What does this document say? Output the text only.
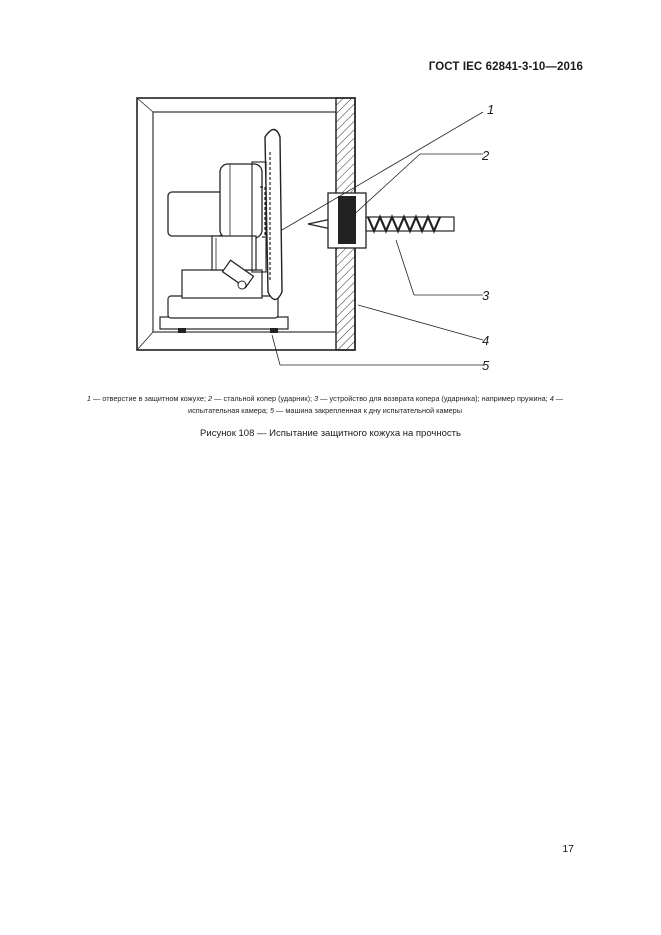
ГОСТ IEC 62841-3-10—2016
1
2
3
4
5
1 — отверстие в защитном кожухе; 2 — стальной копер (ударник); 3 — устройство для возврата копера (ударника); например пружина; 4 — испытательная камера; 5 — машина закрепленная к дну испытательной камеры
Рисунок 108 — Испытание защитного кожуха на прочность
17
